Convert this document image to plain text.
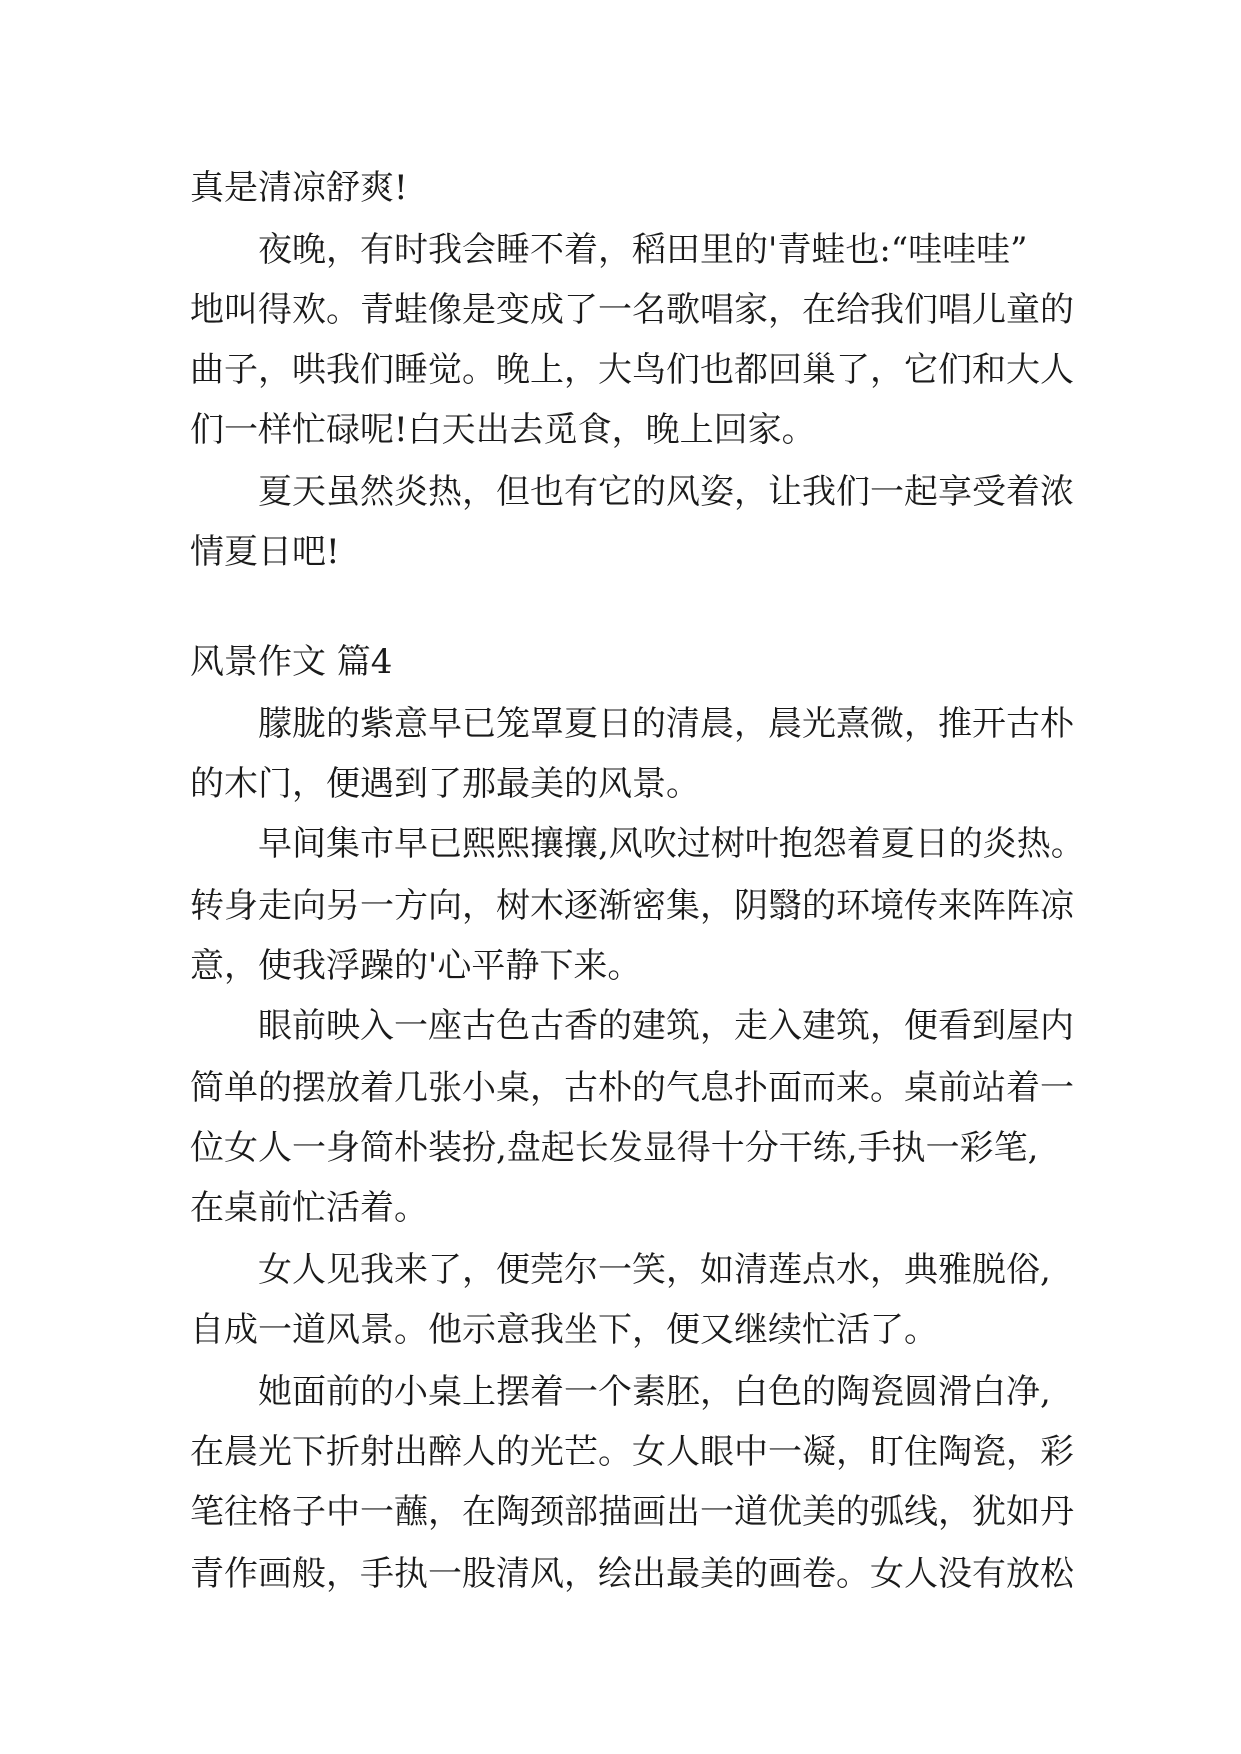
真是清凉舒爽!

夜晚，有时我会睡不着，稻田里的'青蛙也:“哇哇哇”

地叫得欢。青蛙像是变成了一名歌唱家，在给我们唱儿童的

曲子，哄我们睡觉。晚上，大鸟们也都回巢了，它们和大人

们一样忙碌呢!白天出去觅食，晚上回家。

夏天虽然炎热，但也有它的风姿，让我们一起享受着浓

情夏日吧!

风景作文 篇4

朦胧的紫意早已笼罩夏日的清晨，晨光熹微，推开古朴

的木门，便遇到了那最美的风景。

早间集市早已熙熙攘攘,风吹过树叶抱怨着夏日的炎热。

转身走向另一方向，树木逐渐密集，阴翳的环境传来阵阵凉

意，使我浮躁的'心平静下来。

眼前映入一座古色古香的建筑，走入建筑，便看到屋内

简单的摆放着几张小桌，古朴的气息扑面而来。桌前站着一

位女人一身简朴装扮,盘起长发显得十分干练,手执一彩笔,

在桌前忙活着。

女人见我来了，便莞尔一笑，如清莲点水，典雅脱俗,

自成一道风景。他示意我坐下，便又继续忙活了。

她面前的小桌上摆着一个素胚，白色的陶瓷圆滑白净,

在晨光下折射出醉人的光芒。女人眼中一凝，盯住陶瓷，彩

笔往格子中一蘸，在陶颈部描画出一道优美的弧线，犹如丹

青作画般，手执一股清风，绘出最美的画卷。女人没有放松
